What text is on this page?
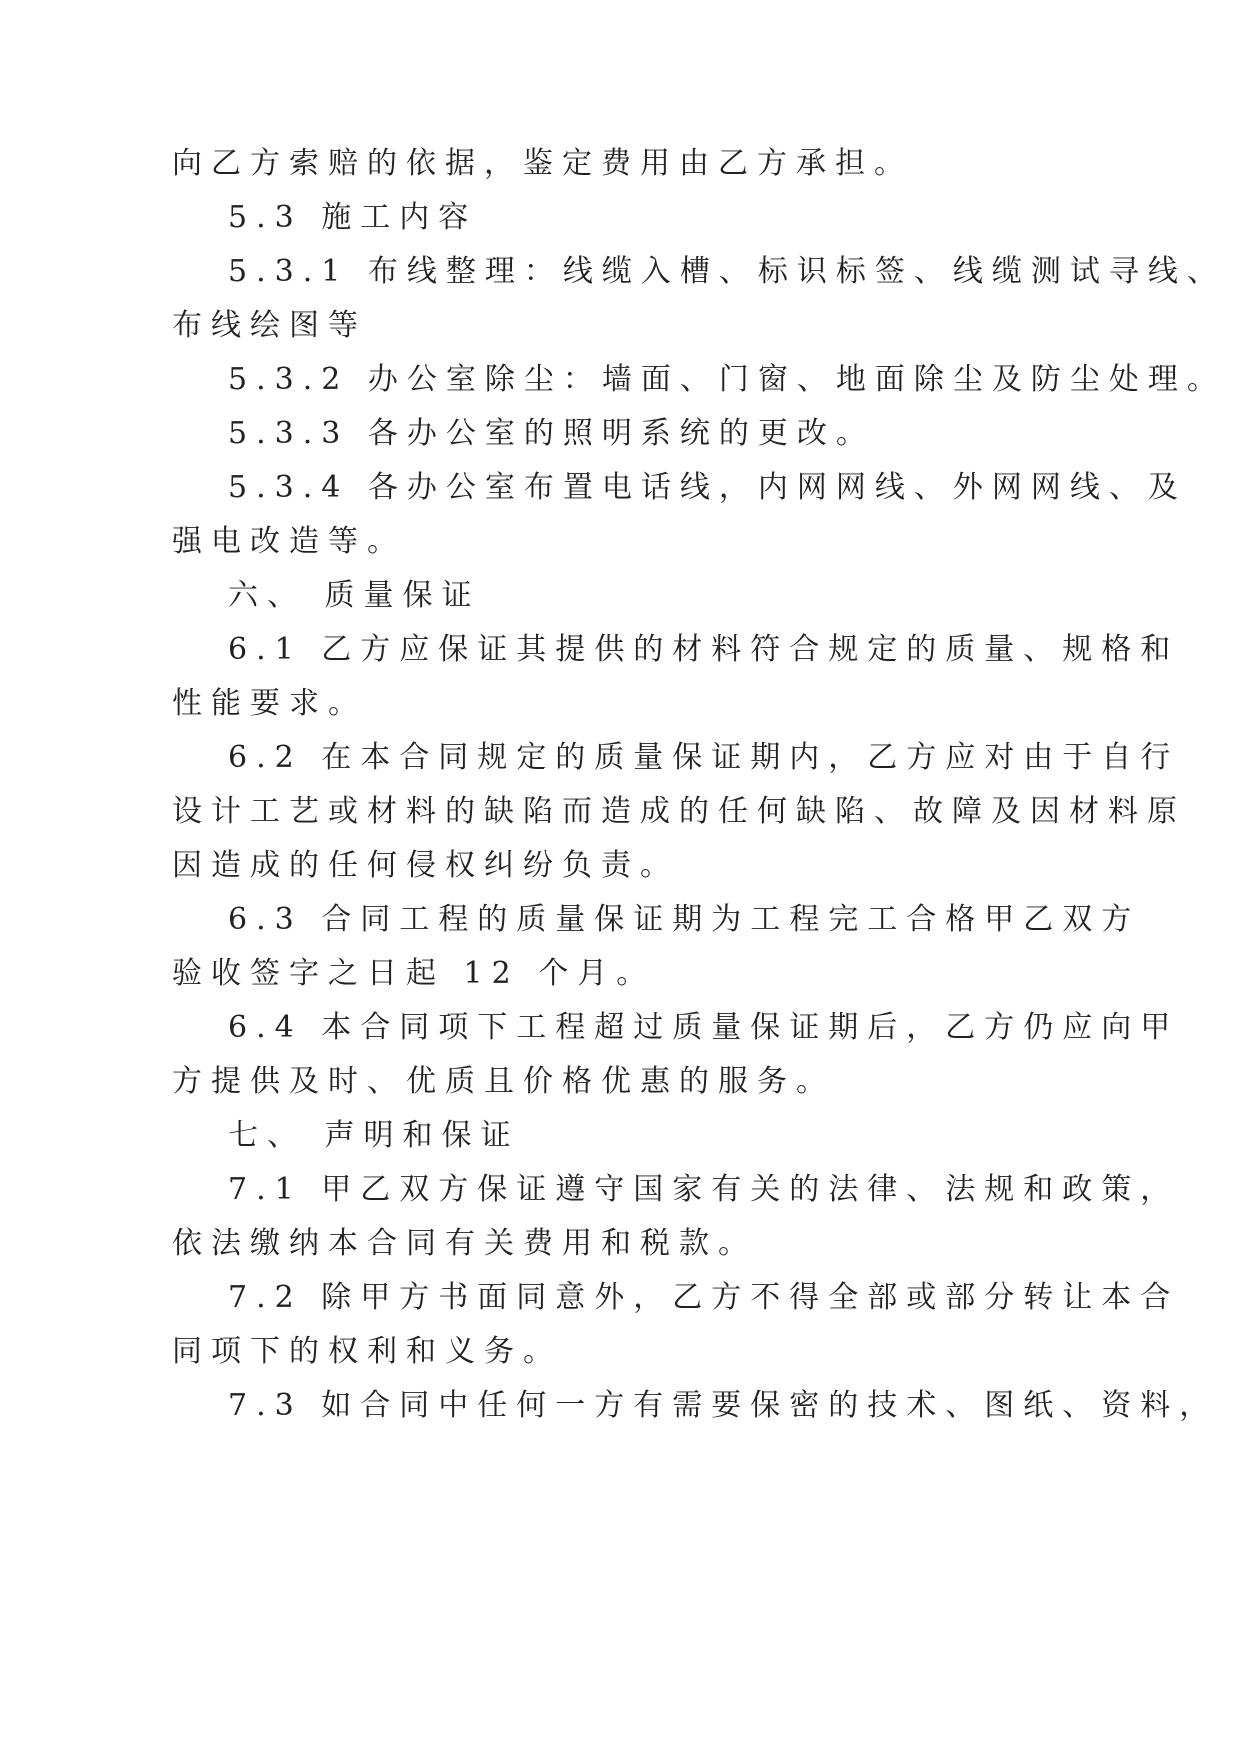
向乙方索赔的依据，鉴定费用由乙方承担。
5.3 施工内容
5.3.1 布线整理：线缆入槽、标识标签、线缆测试寻线、
布线绘图等
5.3.2 办公室除尘：墙面、门窗、地面除尘及防尘处理。
5.3.3 各办公室的照明系统的更改。
5.3.4 各办公室布置电话线，内网网线、外网网线、及
强电改造等。
六、 质量保证
6.1 乙方应保证其提供的材料符合规定的质量、规格和
性能要求。
6.2 在本合同规定的质量保证期内，乙方应对由于自行
设计工艺或材料的缺陷而造成的任何缺陷、故障及因材料原
因造成的任何侵权纠纷负责。
6.3 合同工程的质量保证期为工程完工合格甲乙双方
验收签字之日起 12 个月。
6.4 本合同项下工程超过质量保证期后，乙方仍应向甲
方提供及时、优质且价格优惠的服务。
七、 声明和保证
7.1 甲乙双方保证遵守国家有关的法律、法规和政策，
依法缴纳本合同有关费用和税款。
7.2 除甲方书面同意外，乙方不得全部或部分转让本合
同项下的权利和义务。
7.3 如合同中任何一方有需要保密的技术、图纸、资料，
